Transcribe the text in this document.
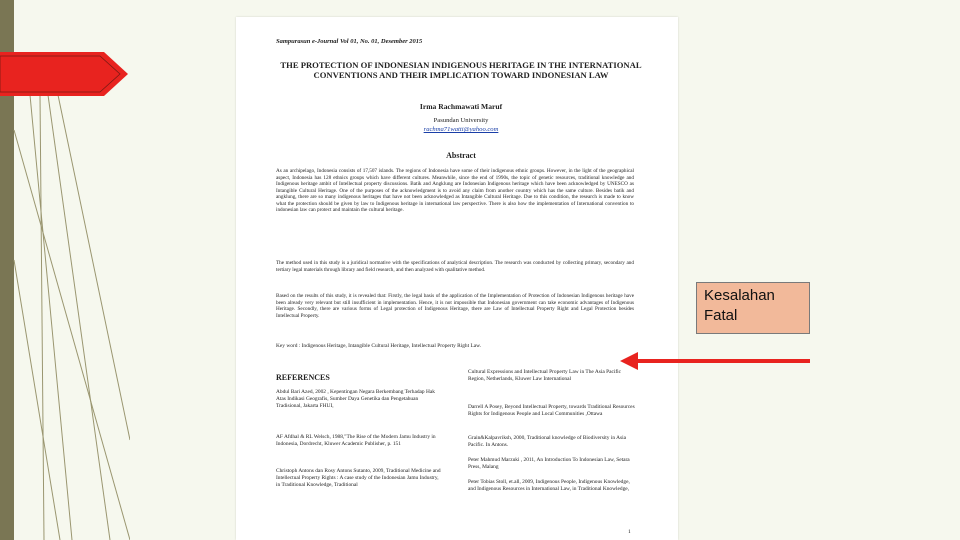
Sampurasun e-Journal Vol 01, No. 01, Desember 2015
THE PROTECTION OF INDONESIAN INDIGENOUS HERITAGE IN THE INTERNATIONAL CONVENTIONS AND THEIR IMPLICATION TOWARD INDONESIAN LAW
Irma Rachmawati Maruf
Pasundan University
rachma71watti@yahoo.com
Abstract
As an archipelago, Indonesia consists of 17,507 islands. The regions of Indonesia have some of their indigenous ethnic groups. However, in the light of the geographical aspect, Indonesia has 128 ethnics groups which have different cultures. Meanwhile, since the end of 1990s, the topic of genetic resources, traditional knowledge and Indigenous heritage ambit of Intellectual property discussions. Batik and Angklung are Indonesian Indigenous heritage which have been acknowledged by UNESCO as Intangible Cultural Heritage. One of the purposes of the acknowledgment is to avoid any claim from another country which has the same culture. Besides batik and angklung, there are so many indigenous heritages that have not been acknowledged as Intangible Cultural Heritage. Due to this condition, the research is made to know what the protection should be given by law to Indigenous heritage in international law perspective. There is also how the implementation of International convention to indonesian law can protect and maintain the cultural heritage.
The method used in this study is a juridical normative with the specifications of analytical description. The research was conducted by collecting primary, secondary and tertiary legal materials through library and field research, and then analyzed with qualitative method.
Based on the results of this study, it is revealed that: Firstly, the legal basis of the application of the Implementation of Protection of Indonesian Indigenous heritage have been already very relevant but still insufficient in implementation. Hence, it is not impossible that Indonesian government can take economic advantages of Indigenous Heritage. Secondly, there are various forms of Legal protection of Indigenous Heritage, there are Law of Intellectual Property Right and Legal Protection besides Intellectual Property.
Key word : Indigenous Heritage, Intangible Cultural Heritage, Intellectual Property Right Law.
REFERENCES
Abdul Bari Azed, 2002 , Kepentingan Negara Berkembang Terhadap Hak Atas Indikasi Geografis, Sumber Daya Genetika dan Pengetahuan Tradisional, Jakarta FHUI,
AF Afdhal & RL Welsch, 1988,"The Rise of the Modern Jamu Industry in Indonesia, Dordrecht, Kluwer Academic Publisher, p. 151
Christoph Antons dan Rosy Antons Sutanto, 2009, Traditional Medicine and Intellectual Property Rights : A case study of the Indonesian Jamu Industry, in Traditional Knowledge, Traditional
Cultural Expressions and Intellectual Property Law in The Asia Pacific Region, Netherlands, Kluwer Law International
Darrell A Posey, Beyond Intellectual Property, towards Traditional Resources Rights for Indigenous People and Local Communities ,Ottawa
Grain&Kalpavriksh, 2000, Traditional knowledge of Biodiversity in Asia Pacific. In Antons.
Peter Mahmud Marzuki , 2011, An Introduction To Indonesian Law, Setara Press, Malang
Peter Tobias Stoll, et.all, 2009, Indigenous People, Indigenous Knowledge, and Indigenous Resources in International Law, in Traditional Knowledge,
1
Kesalahan
Fatal
